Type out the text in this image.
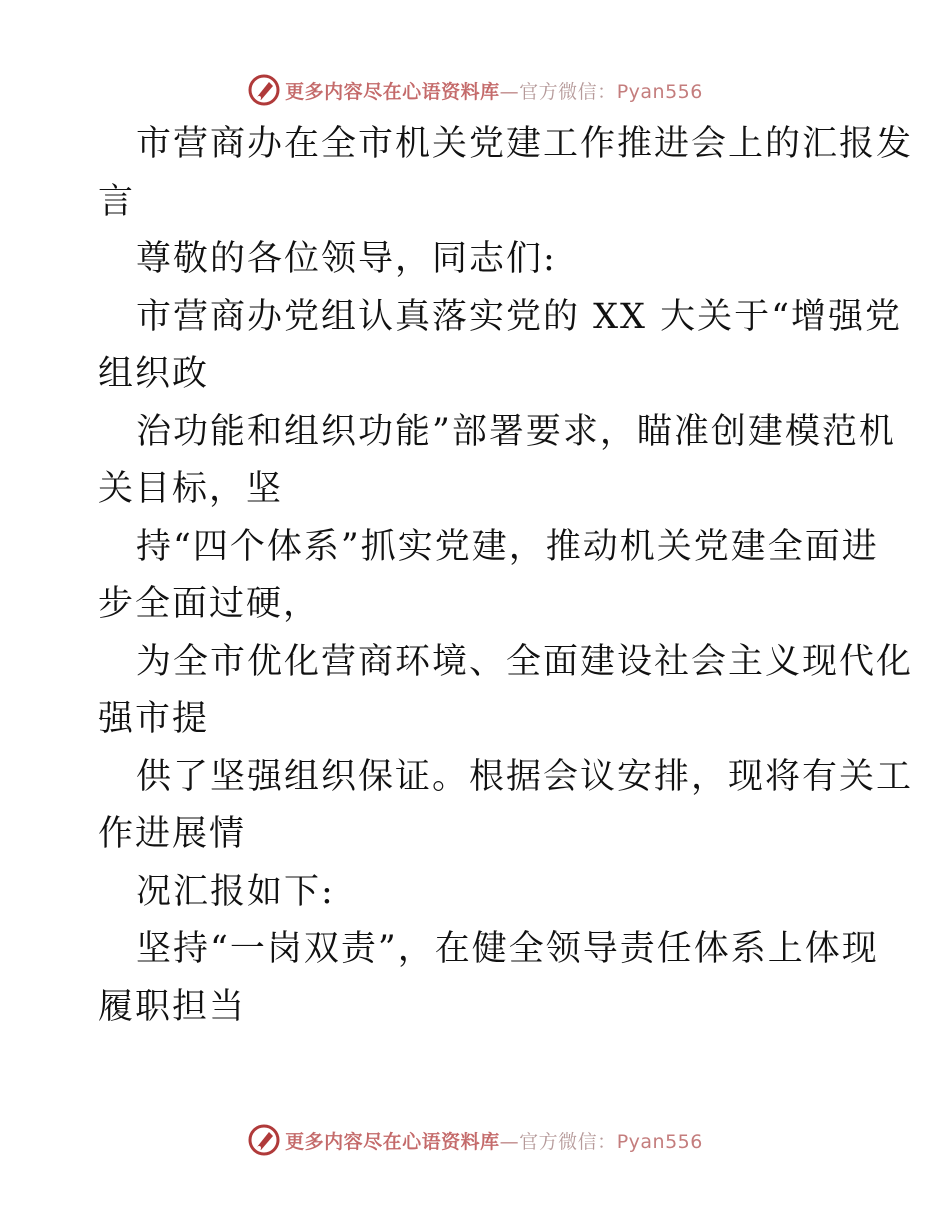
更多内容尽在心语资料库—官方微信：Pyan556
市营商办在全市机关党建工作推进会上的汇报发
言
尊敬的各位领导，同志们:
市营商办党组认真落实党的 XX 大关于“增强党
组织政
治功能和组织功能”部署要求，瞄准创建模范机
关目标，坚
持“四个体系”抓实党建，推动机关党建全面进
步全面过硬，
为全市优化营商环境、全面建设社会主义现代化
强市提
供了坚强组织保证。根据会议安排，现将有关工
作进展情
况汇报如下:
坚持“一岗双责”，在健全领导责任体系上体现
履职担当
更多内容尽在心语资料库—官方微信：Pyan556
